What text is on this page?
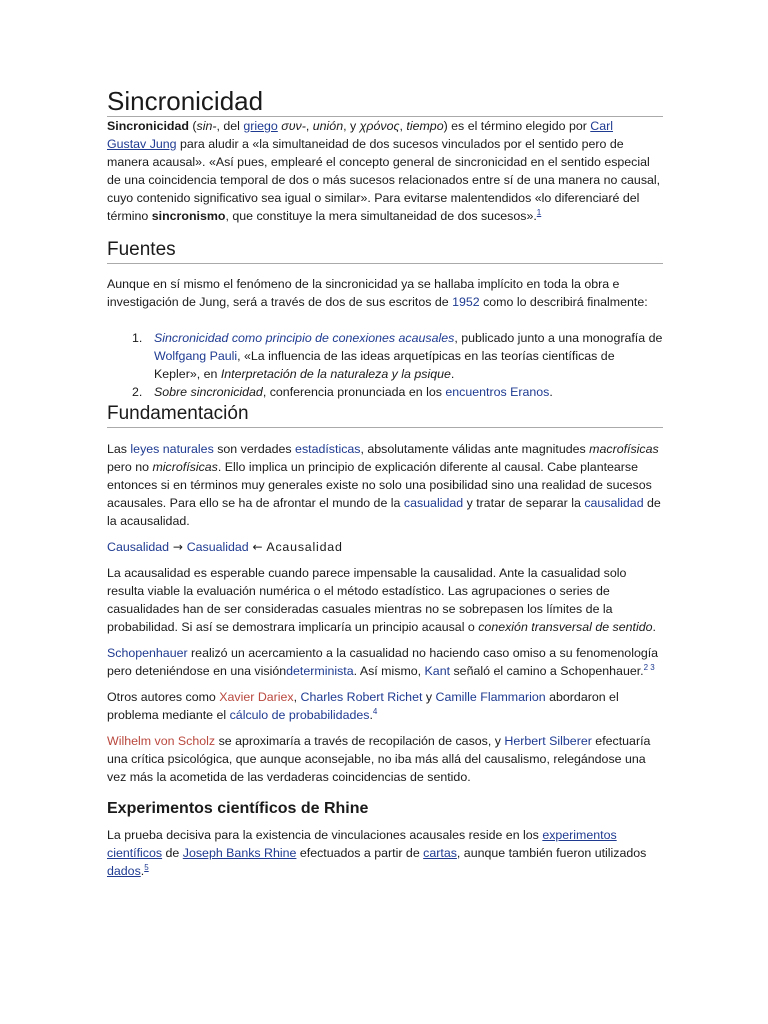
Sincronicidad

Sincronicidad (sin-, del griego συν-, unión, y χρόνος, tiempo) es el término elegido por Carl
Gustav Jung para aludir a «la simultaneidad de dos sucesos vinculados por el sentido pero de manera acausal». «Así pues, emplearé el concepto general de sincronicidad en el sentido especial de una coincidencia temporal de dos o más sucesos relacionados entre sí de una manera no causal, cuyo contenido significativo sea igual o similar». Para evitarse malentendidos «lo diferenciaré del término sincronismo, que constituye la mera simultaneidad de dos sucesos».$^1$

Fuentes

Aunque en sí mismo el fenómeno de la sincronicidad ya se hallaba implícito en toda la obra e investigación de Jung, será a través de dos de sus escritos de 1952 como lo describirá finalmente:

1. Sincronicidad como principio de conexiones acausales, publicado junto a una monografía de Wolfgang Pauli, «La influencia de las ideas arquetípicas en las teorías científicas de Kepler», en Interpretación de la naturaleza y la psique.
2. Sobre sincronicidad, conferencia pronunciada en los encuentros Eranos.
Fundamentación

Las leyes naturales son verdades estadísticas, absolutamente válidas ante magnitudes macrofísicas pero no microfísicas. Ello implica un principio de explicación diferente al causal. Cabe plantearse entonces si en términos muy generales existe no solo una posibilidad sino una realidad de sucesos acausales. Para ello se ha de afrontar el mundo de la casualidad y tratar de separar la causalidad de la acausalidad.

Causalidad → Casualidad ← Acausalidad

La acausalidad es esperable cuando parece impensable la causalidad. Ante la casualidad solo resulta viable la evaluación numérica o el método estadístico. Las agrupaciones o series de casualidades han de ser consideradas casuales mientras no se sobrepasen los límites de la probabilidad. Si así se demostrara implicaría un principio acausal o conexión transversal de sentido.

Schopenhauer realizó un acercamiento a la casualidad no haciendo caso omiso a su fenomenología pero deteniéndose en una visióndeterminista. Así mismo, Kant señaló el camino a Schopenhauer.$^{2 3}$

Otros autores como Xavier Dariex, Charles Robert Richet y Camille Flammarion abordaron el problema mediante el cálculo de probabilidades.$^4$

Wilhelm von Scholz se aproximaría a través de recopilación de casos, y Herbert Silberer efectuaría una crítica psicológica, que aunque aconsejable, no iba más allá del causalismo, relegándose una vez más la acometida de las verdaderas coincidencias de sentido.

Experimentos científicos de Rhine

La prueba decisiva para la existencia de vinculaciones acausales reside en los experimentos científicos de Joseph Banks Rhine efectuados a partir de cartas, aunque también fueron utilizados dados.$^5$
